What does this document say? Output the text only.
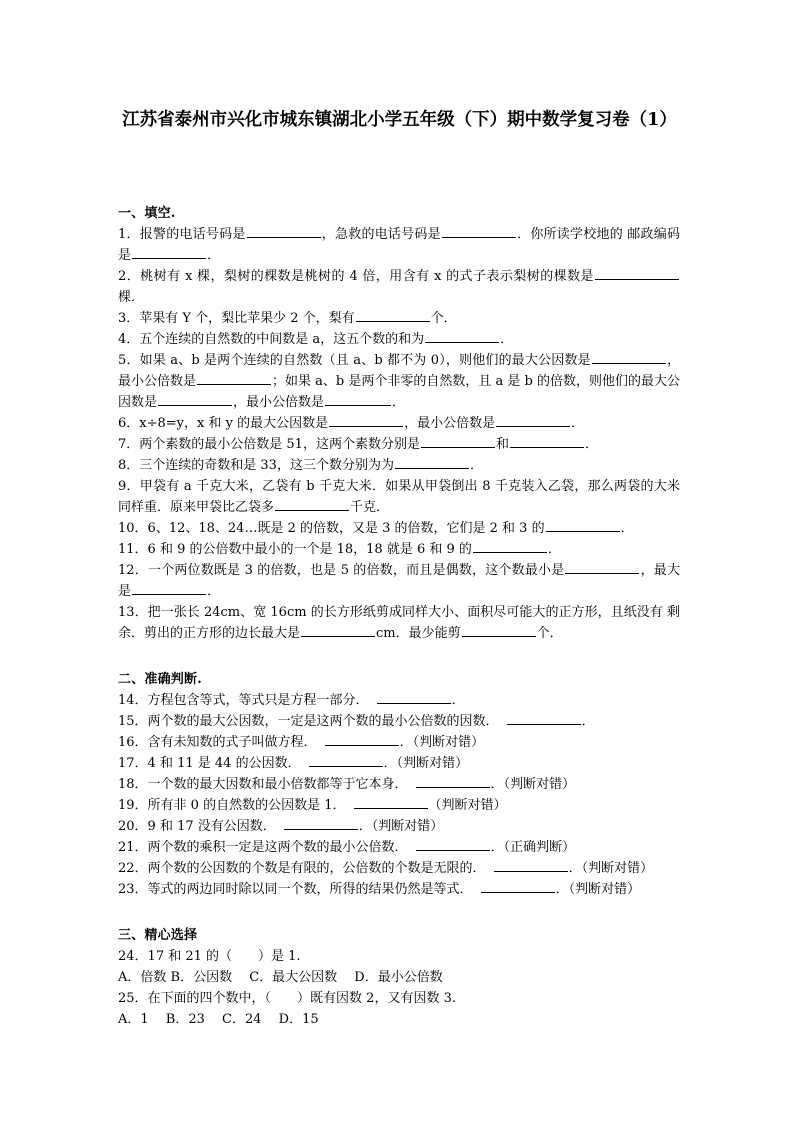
江苏省泰州市兴化市城东镇湖北小学五年级（下）期中数学复习卷（1）
一、填空.

1．报警的电话号码是	，急救的电话号码是	．你所读学校地的 邮政编码是	．

2．桃树有 x 棵，梨树的棵数是桃树的 4 倍，用含有 x 的式子表示梨树的棵数是棵．

3．苹果有 Y 个，梨比苹果少 2 个，梨有	个．

4．五个连续的自然数的中间数是 a，这五个数的和为	．

5．如果 a、b 是两个连续的自然数（且 a、b 都不为 0），则他们的最大公因数是	，最小公倍数是	；如果 a、b 是两个非零的自然数，且 a 是 b 的倍数，则他们的最大公因数是	，最小公倍数是	．

6．x÷8=y，x 和 y 的最大公因数是	，最小公倍数是	．

7．两个素数的最小公倍数是 51，这两个素数分别是	和	．

8．三个连续的奇数和是 33，这三个数分别为为	．

9．甲袋有 a 千克大米，乙袋有 b 千克大米．如果从甲袋倒出 8 千克装入乙袋，那么两袋的大米同样重．原来甲袋比乙袋多	千克．

10．6、12、18、24…既是 2 的倍数，又是 3 的倍数，它们是 2 和 3 的	．

11．6 和 9 的公倍数中最小的一个是 18，18 就是 6 和 9 的	．

12．一个两位数既是 3 的倍数，也是 5 的倍数，而且是偶数，这个数最小是	，最大是	．

13．把一张长 24cm、宽 16cm 的长方形纸剪成同样大小、面积尽可能大的正方形，且纸没有 剩余．剪出的正方形的边长最大是	cm．最少能剪	个．

二、准确判断.

14．方程包含等式，等式只是方程一部分．	．

15．两个数的最大公因数，一定是这两个数的最小公倍数的因数．	．

16．含有未知数的式子叫做方程．	．（判断对错）

17．4 和 11 是 44 的公因数．	．（判断对错）

18．一个数的最大因数和最小倍数都等于它本身．	．（判断对错）

19．所有非 0 的自然数的公因数是 1．	（判断对错）

20．9 和 17 没有公因数．	．（判断对错）

21．两个数的乘积一定是这两个数的最小公倍数．	．（正确判断）

22．两个数的公因数的个数是有限的，公倍数的个数是无限的．	．（判断对错）

23．等式的两边同时除以同一个数，所得的结果仍然是等式．	．（判断对错）

三、精心选择

24．17 和 21 的（　　）是 1.

A．倍数 B．公因数　 C．最大公因数　 D．最小公倍数

25．在下面的四个数中，（　　）既有因数 2，又有因数 3.

A．1　 B．23　 C．24　 D．15
